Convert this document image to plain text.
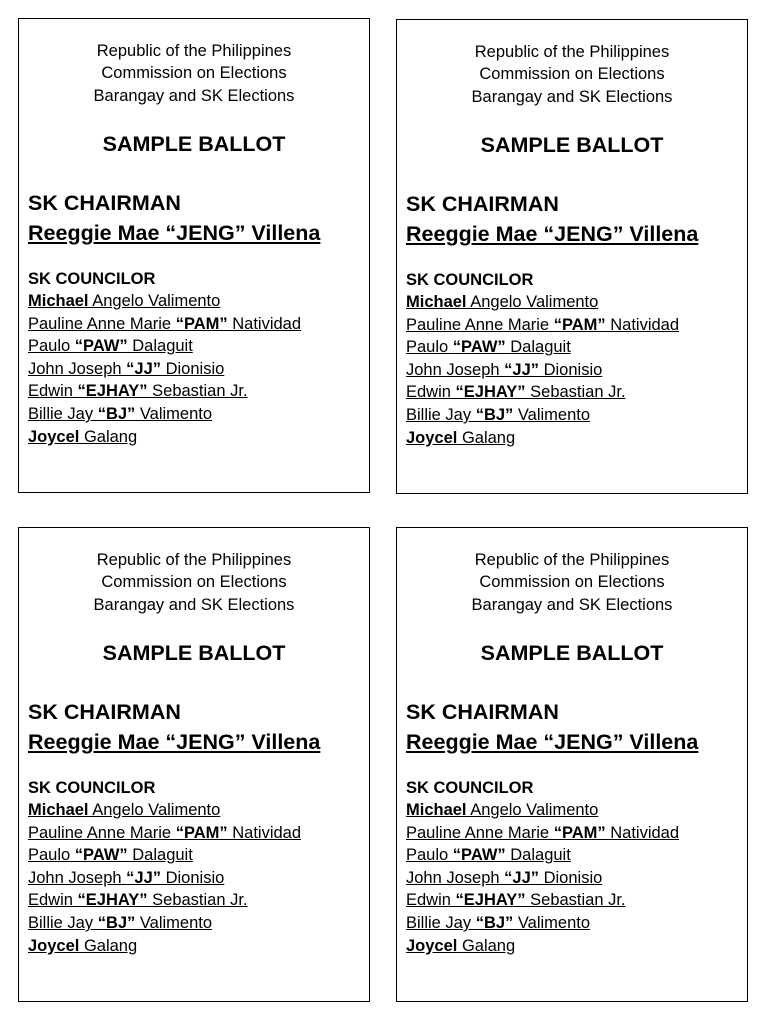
Republic of the Philippines
Commission on Elections
Barangay and SK Elections
SAMPLE BALLOT
SK CHAIRMAN
Reeggie Mae “JENG” Villena
SK COUNCILOR
Michael Angelo Valimento
Pauline Anne Marie “PAM” Natividad
Paulo “PAW” Dalaguit
John Joseph “JJ” Dionisio
Edwin “EJHAY” Sebastian Jr.
Billie Jay “BJ” Valimento
Joycel Galang
Republic of the Philippines
Commission on Elections
Barangay and SK Elections
SAMPLE BALLOT
SK CHAIRMAN
Reeggie Mae “JENG” Villena
SK COUNCILOR
Michael Angelo Valimento
Pauline Anne Marie “PAM” Natividad
Paulo “PAW” Dalaguit
John Joseph “JJ” Dionisio
Edwin “EJHAY” Sebastian Jr.
Billie Jay “BJ” Valimento
Joycel Galang
Republic of the Philippines
Commission on Elections
Barangay and SK Elections
SAMPLE BALLOT
SK CHAIRMAN
Reeggie Mae “JENG” Villena
SK COUNCILOR
Michael Angelo Valimento
Pauline Anne Marie “PAM” Natividad
Paulo “PAW” Dalaguit
John Joseph “JJ” Dionisio
Edwin “EJHAY” Sebastian Jr.
Billie Jay “BJ” Valimento
Joycel Galang
Republic of the Philippines
Commission on Elections
Barangay and SK Elections
SAMPLE BALLOT
SK CHAIRMAN
Reeggie Mae “JENG” Villena
SK COUNCILOR
Michael Angelo Valimento
Pauline Anne Marie “PAM” Natividad
Paulo “PAW” Dalaguit
John Joseph “JJ” Dionisio
Edwin “EJHAY” Sebastian Jr.
Billie Jay “BJ” Valimento
Joycel Galang
